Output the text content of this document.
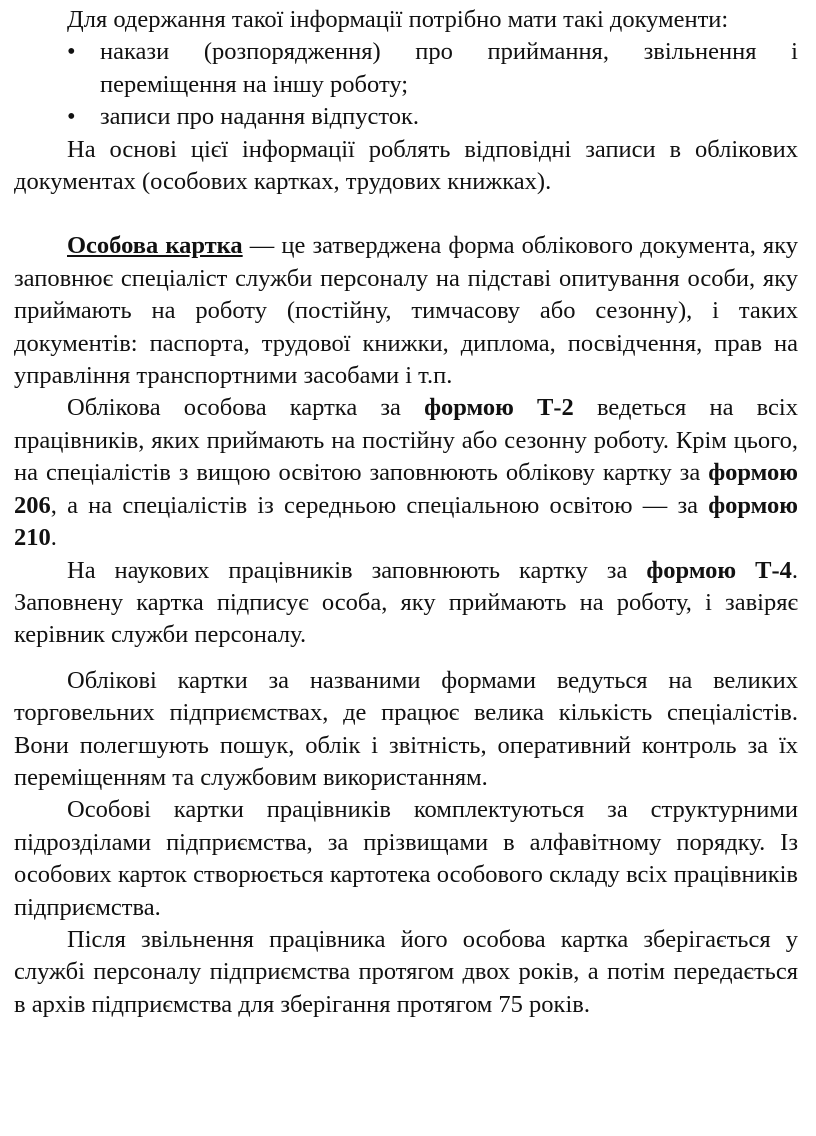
Для одержання такої інформації потрібно мати такі документи:

• накази (розпорядження) про приймання, звільнення і переміщення на іншу роботу;
• записи про надання відпусток.

На основі цієї інформації роблять відповідні записи в облікових документах (особових картках, трудових книжках).

Особова картка — це затверджена форма облікового документа, яку заповнює спеціаліст служби персоналу на підставі опитування особи, яку приймають на роботу (постійну, тимчасову або сезонну), і таких документів: паспорта, трудової книжки, диплома, посвідчення, прав на управління транспортними засобами і т.п.

Облікова особова картка за формою Т-2 ведеться на всіх працівників, яких приймають на постійну або сезонну роботу. Крім цього, на спеціалістів з вищою освітою заповнюють облікову картку за формою 206, а на спеціалістів із середньою спеціальною освітою — за формою 210.

На наукових працівників заповнюють картку за формою Т-4. Заповнену картка підписує особа, яку приймають на роботу, і завіряє керівник служби персоналу.

Облікові картки за названими формами ведуться на великих торговельних підприємствах, де працює велика кількість спеціалістів. Вони полегшують пошук, облік і звітність, оперативний контроль за їх переміщенням та службовим використанням.

Особові картки працівників комплектуються за структурними підрозділами підприємства, за прізвищами в алфавітному порядку. Із особових карток створюється картотека особового складу всіх працівників підприємства.

Після звільнення працівника його особова картка зберігається у службі персоналу підприємства протягом двох років, а потім передається в архів підприємства для зберігання протягом 75 років.
